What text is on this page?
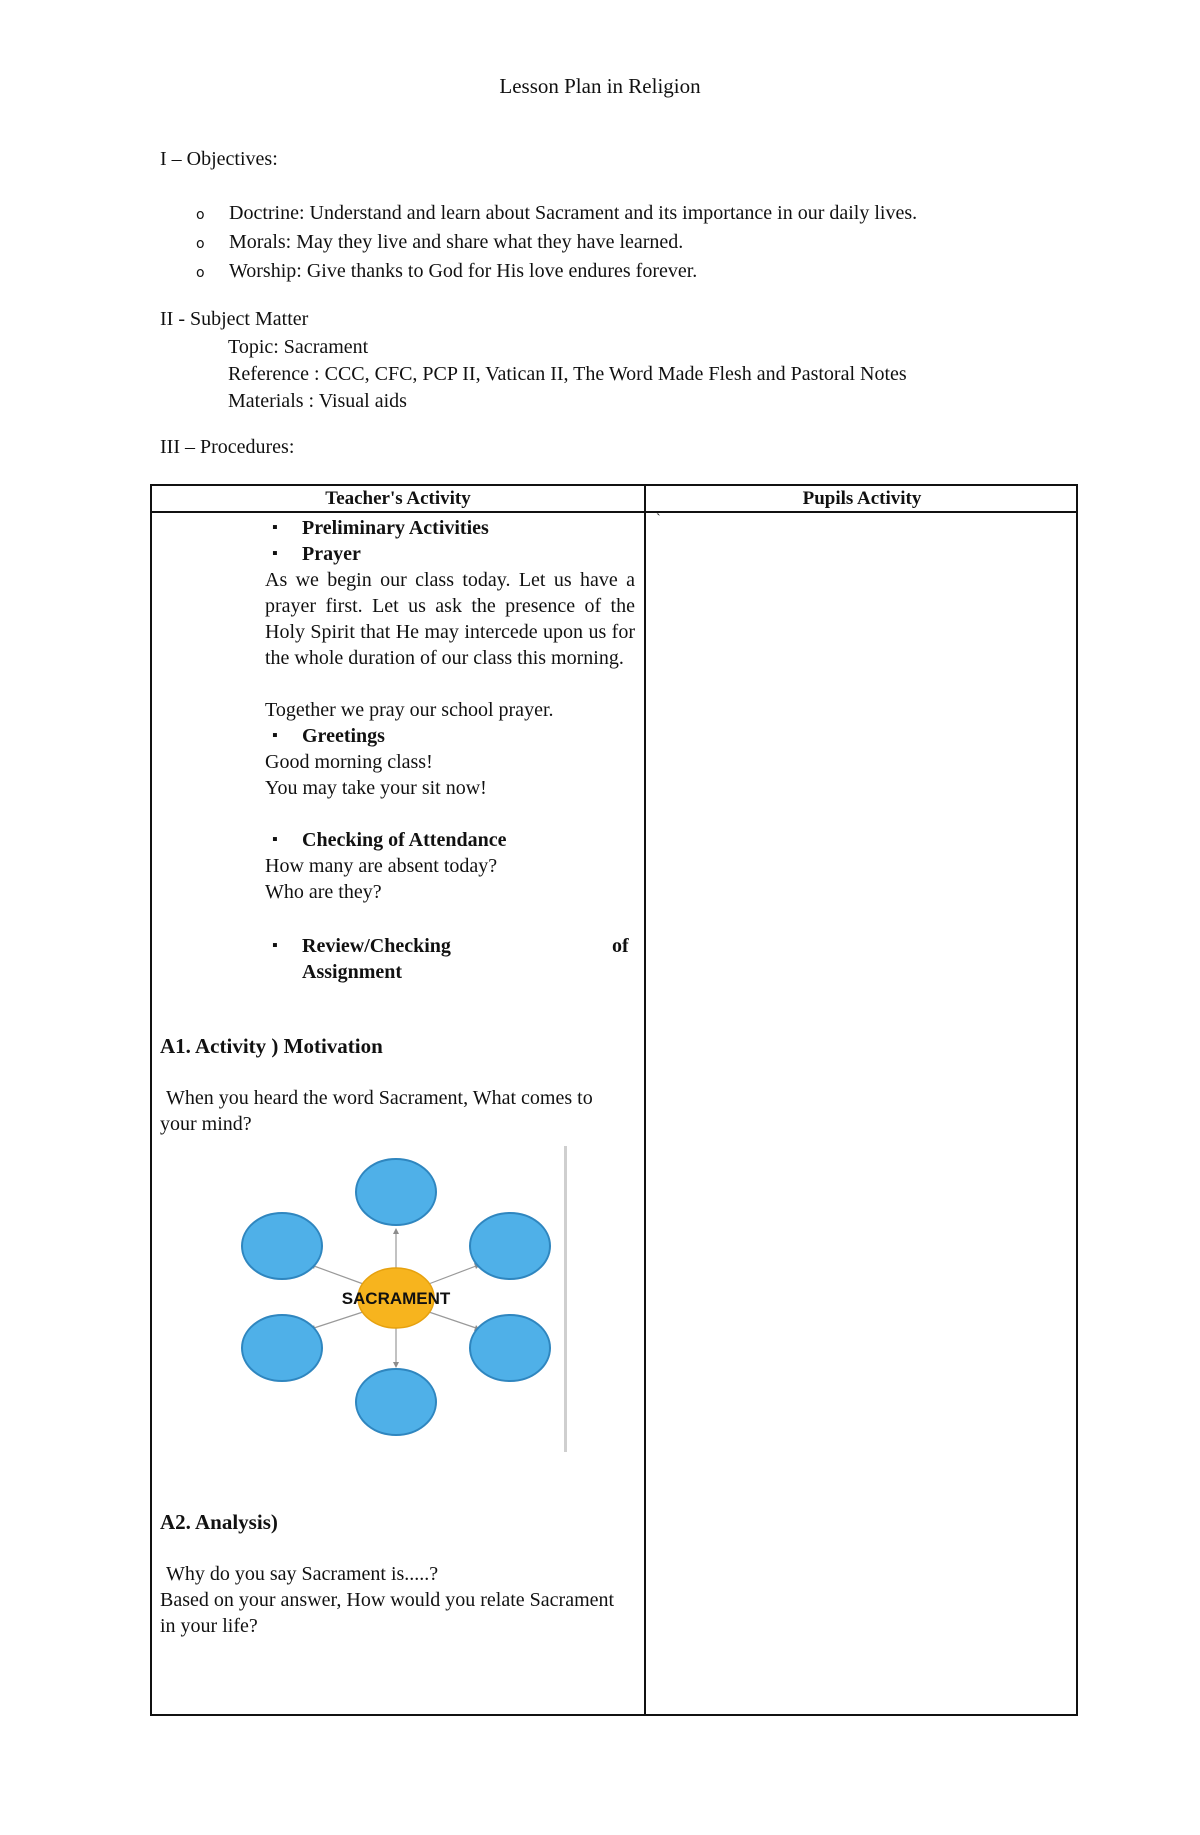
Lesson Plan in Religion
I – Objectives:
o Doctrine: Understand and learn about Sacrament and its importance in our daily lives.
o Morals: May they live and share what they have learned.
o Worship: Give thanks to God for His love endures forever.
II - Subject Matter
Topic: Sacrament
Reference : CCC, CFC, PCP II, Vatican II, The Word Made Flesh and Pastoral Notes
Materials : Visual aids
III – Procedures:
Teacher's Activity	Pupils Activity
`
▪ Preliminary Activities
▪ Prayer
As we begin our class today. Let us have a prayer first. Let us ask the presence of the Holy Spirit that He may intercede upon us for the whole duration of our class this morning.
Together we pray our school prayer.
▪ Greetings
Good morning class!
You may take your sit now!
▪ Checking of Attendance
How many are absent today?
Who are they?
▪ Review/Checking	of
Assignment
A1. Activity ) Motivation
When you heard the word Sacrament, What comes to your mind?
A2. Analysis)
Why do you say Sacrament is.....?
Based on your answer, How would you relate Sacrament in your life?
SACRAMENT
